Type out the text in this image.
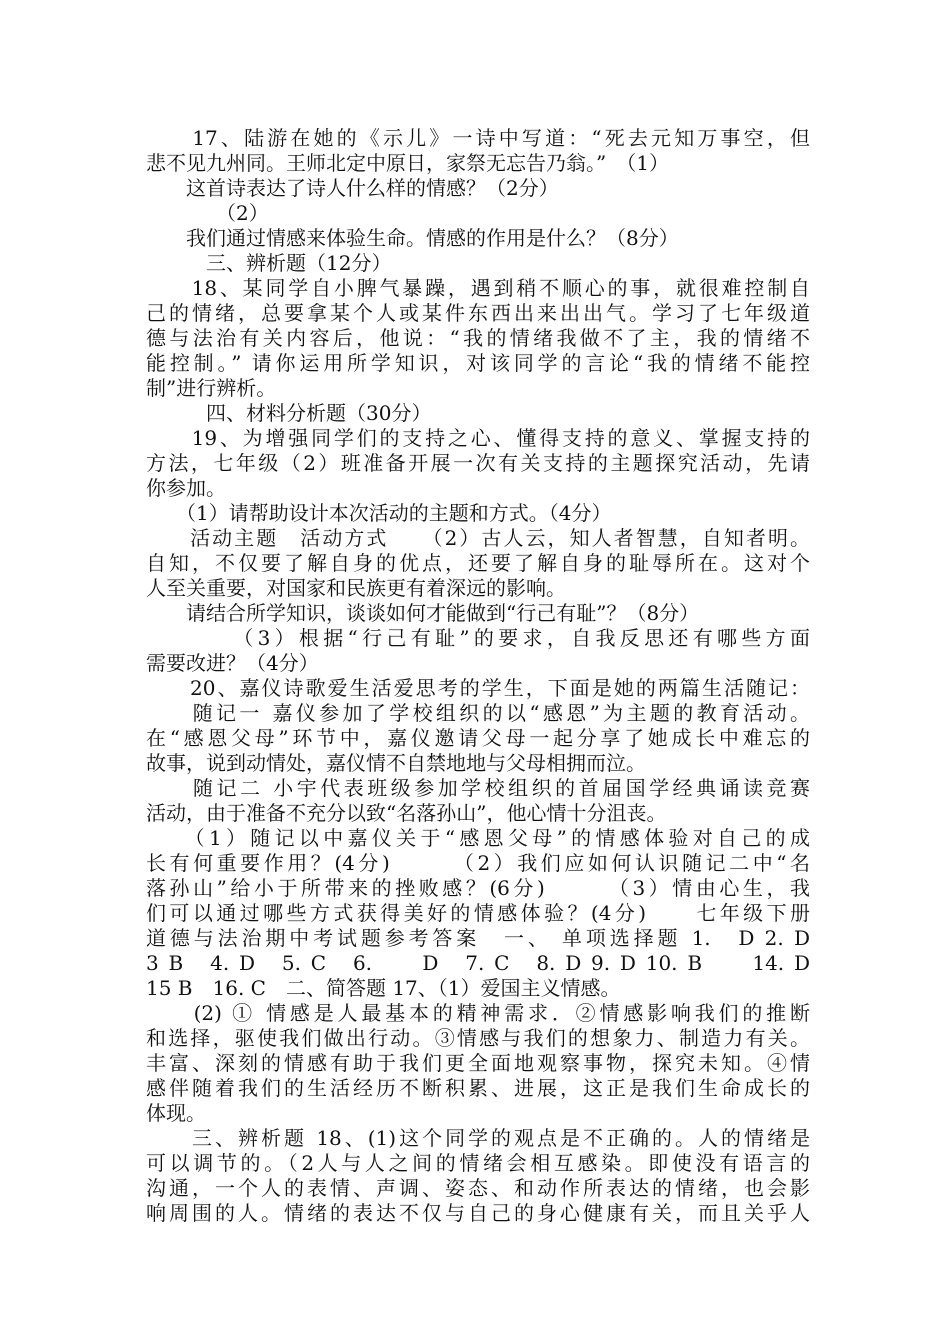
　　17、陆游在她的《示儿》一诗中写道：“死去元知万事空，但
悲不见九州同。王师北定中原日，家祭无忘告乃翁。”　（1）
　　这首诗表达了诗人什么样的情感？（2分）
　　　　（2）
　　我们通过情感来体验生命。情感的作用是什么？（8分）
　　　三、辨析题（12分）
　　18、某同学自小脾气暴躁，遇到稍不顺心的事，就很难控制自
己的情绪，总要拿某个人或某件东西出来出出气。学习了七年级道
德与法治有关内容后，他说：“我的情绪我做不了主，我的情绪不
能控制。” 请你运用所学知识，对该同学的言论“我的情绪不能控
制”进行辨析。
　　　四、材料分析题（30分）
　　19、为增强同学们的支持之心、懂得支持的意义、掌握支持的
方法，七年级（2）班准备开展一次有关支持的主题探究活动，先请
你参加。
　　（1）请帮助设计本次活动的主题和方式。（4分）
　　活动主题　活动方式　　（2）古人云，知人者智慧，自知者明。
自知，不仅要了解自身的优点，还要了解自身的耻辱所在。这对个
人至关重要，对国家和民族更有着深远的影响。
　　请结合所学知识，谈谈如何才能做到“行己有耻”？（8分）
　　　　（3）根据“行己有耻”的要求，自我反思还有哪些方面
需要改进？（4分）
　　20、嘉仪诗歌爱生活爱思考的学生，下面是她的两篇生活随记：
　　随记一 嘉仪参加了学校组织的以“感恩”为主题的教育活动。
在“感恩父母”环节中，嘉仪邀请父母一起分享了她成长中难忘的
故事，说到动情处，嘉仪情不自禁地地与父母相拥而泣。
　　随记二 小宇代表班级参加学校组织的首届国学经典诵读竞赛
活动，由于准备不充分以致“名落孙山”，他心情十分沮丧。
　　（1）随记以中嘉仪关于“感恩父母”的情感体验对自己的成
长有何重要作用？(4分)　　　（2）我们应如何认识随记二中“名
落孙山”给小于所带来的挫败感？(6分)　　　（3）情由心生，我
们可以通过哪些方式获得美好的情感体验？(4分)　　七年级下册
道德与法治期中考试题参考答案　一、 单项选择题 1.　D 2. D
3 B　4. D　5. C　6.　　D　7. C　8. D 9. D 10. B　　14. D
15 B　16. C　二、简答题 17、（1）爱国主义情感。
　　(2) ① 情感是人最基本的精神需求．②情感影响我们的推断
和选择，驱使我们做出行动。③情感与我们的想象力、制造力有关。
丰富、深刻的情感有助于我们更全面地观察事物，探究未知。④情
感伴随着我们的生活经历不断积累、进展，这正是我们生命成长的
体现。
　　三、辨析题 18、(1)这个同学的观点是不正确的。人的情绪是
可以调节的。（2人与人之间的情绪会相互感染。即使没有语言的
沟通，一个人的表情、声调、姿态、和动作所表达的情绪，也会影
响周围的人。情绪的表达不仅与自己的身心健康有关，而且关乎人
